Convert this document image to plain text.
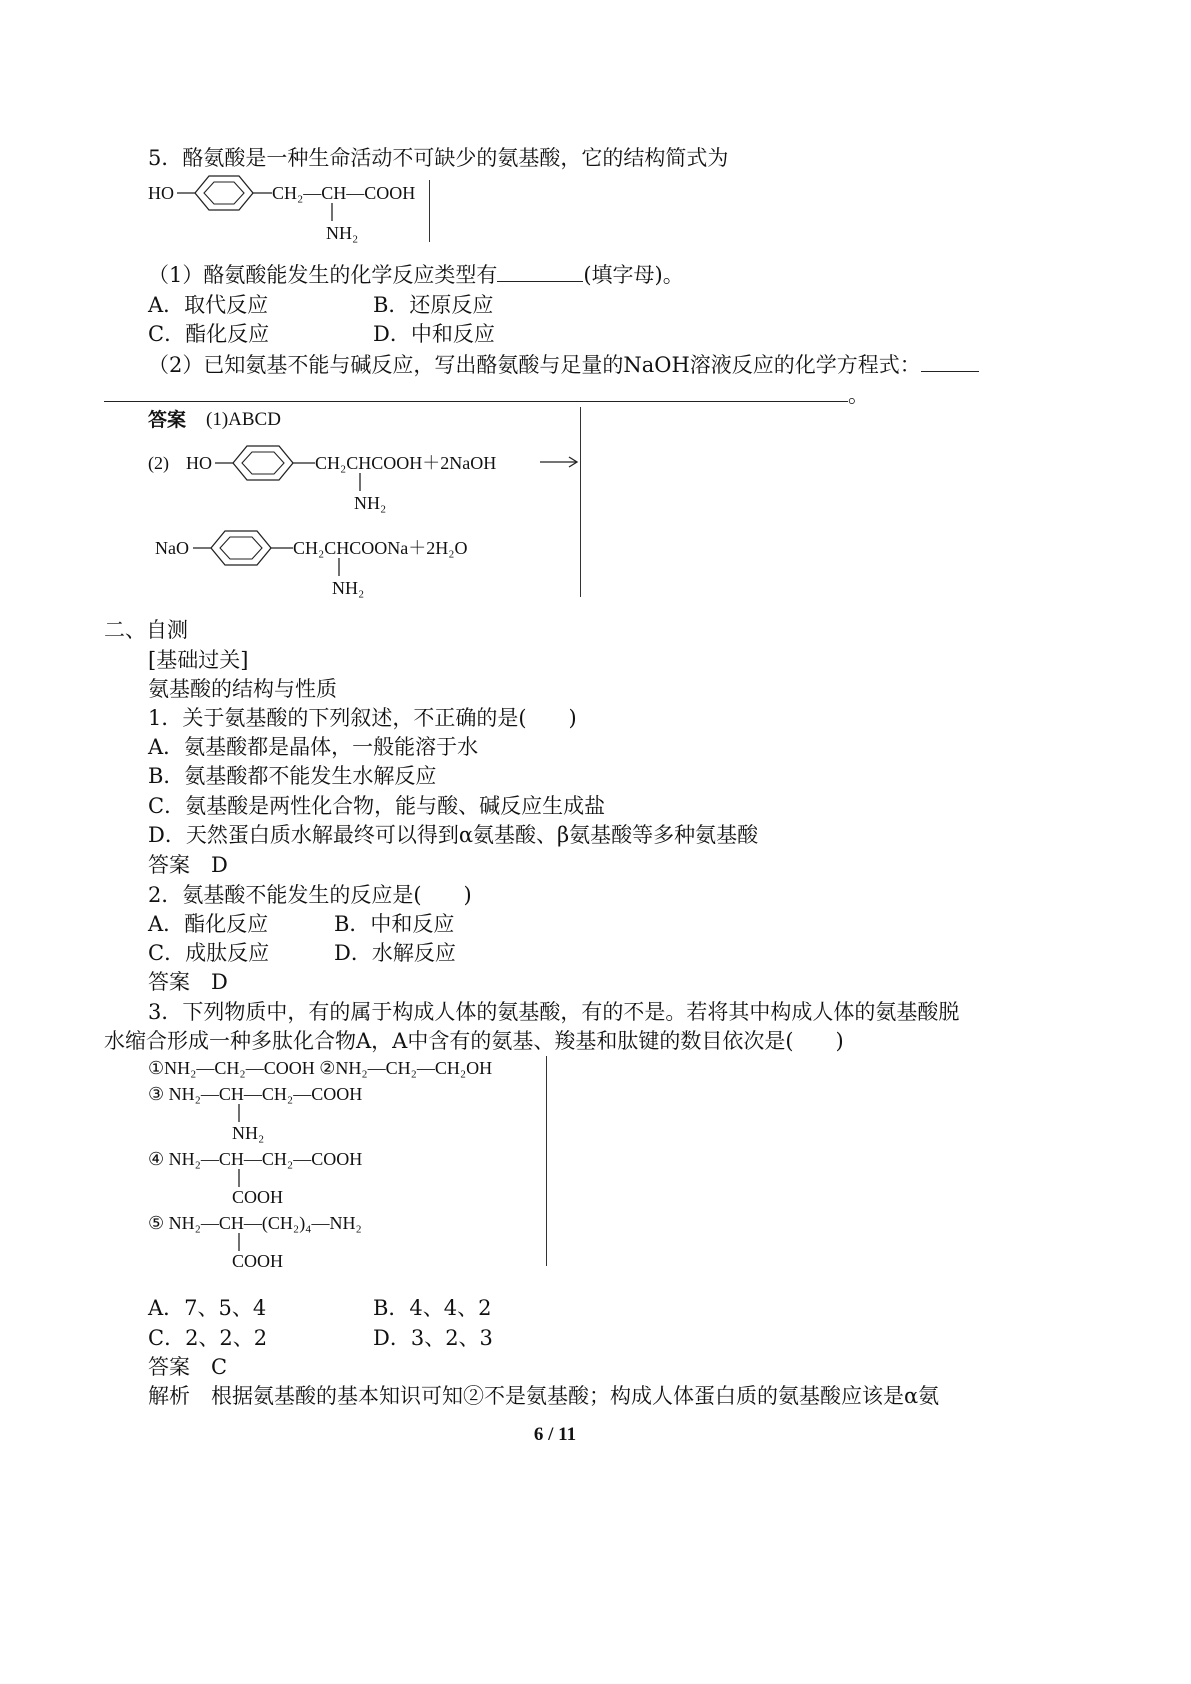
5．酪氨酸是一种生命活动不可缺少的氨基酸，它的结构简式为
HO	CH₂—CH—COOH
NH₂
（1）酪氨酸能发生的化学反应类型有	(填字母)。
A．取代反应	B．还原反应
C．酯化反应	D．中和反应
（2）已知氨基不能与碱反应，写出酪氨酸与足量的NaOH溶液反应的化学方程式：
。
答案 (1)ABCD
(2) HO	CH₂CHCOOH＋2NaOH
NH₂
NaO	CH₂CHCOONa＋2H₂O
NH₂
二、自测
[基础过关]
氨基酸的结构与性质
1．关于氨基酸的下列叙述，不正确的是(　　)
A．氨基酸都是晶体，一般能溶于水
B．氨基酸都不能发生水解反应
C．氨基酸是两性化合物，能与酸、碱反应生成盐
D．天然蛋白质水解最终可以得到α氨基酸、β氨基酸等多种氨基酸
答案　D
2．氨基酸不能发生的反应是(　　)
A．酯化反应	B．中和反应
C．成肽反应	D．水解反应
答案　D
3．下列物质中，有的属于构成人体的氨基酸，有的不是。若将其中构成人体的氨基酸脱
水缩合形成一种多肽化合物A，A中含有的氨基、羧基和肽键的数目依次是(　　)
①NH₂—CH₂—COOH ②NH₂—CH₂—CH₂OH
③ NH₂—CH—CH₂—COOH
NH₂
④ NH₂—CH—CH₂—COOH
COOH
⑤ NH₂—CH—(CH₂)₄—NH₂
COOH
A．7、5、4	B．4、4、2
C．2、2、2	D．3、2、3
答案　C
解析　根据氨基酸的基本知识可知②不是氨基酸；构成人体蛋白质的氨基酸应该是α氨
6 / 11
